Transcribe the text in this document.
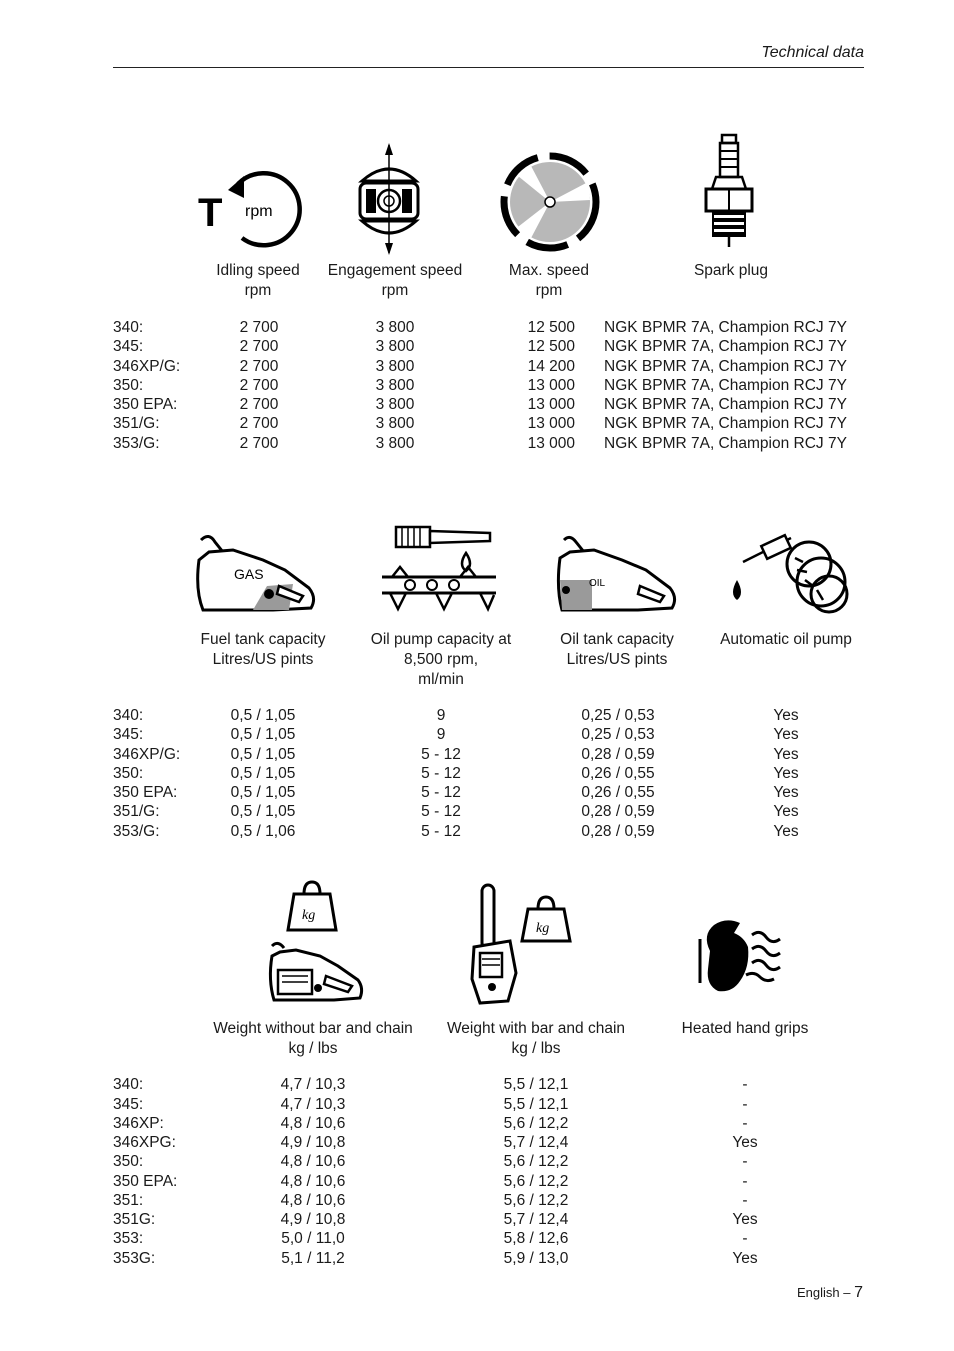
Technical data
T rpm
Idling speed
rpm
Engagement speed
rpm
Max. speed
rpm
Spark plug
340:	2 700	3 800	12 500 NGK BPMR 7A, Champion RCJ 7Y
345:	2 700	3 800	12 500 NGK BPMR 7A, Champion RCJ 7Y
346XP/G:	2 700	3 800	14 200 NGK BPMR 7A, Champion RCJ 7Y
350:	2 700	3 800	13 000 NGK BPMR 7A, Champion RCJ 7Y
350 EPA:	2 700	3 800	13 000 NGK BPMR 7A, Champion RCJ 7Y
351/G:	2 700	3 800	13 000 NGK BPMR 7A, Champion RCJ 7Y
353/G:	2 700	3 800	13 000 NGK BPMR 7A, Champion RCJ 7Y
GAS
OIL
Fuel tank capacity
Litres/US pints
Oil pump capacity at
8,500 rpm,
ml/min
Oil tank capacity
Litres/US pints
Automatic oil pump
340:	0,5 / 1,05	9	0,25 / 0,53	Yes
345:	0,5 / 1,05	9	0,25 / 0,53	Yes
346XP/G:	0,5 / 1,05	5 - 12	0,28 / 0,59	Yes
350:	0,5 / 1,05	5 - 12	0,26 / 0,55	Yes
350 EPA:	0,5 / 1,05	5 - 12	0,26 / 0,55	Yes
351/G:	0,5 / 1,05	5 - 12	0,28 / 0,59	Yes
353/G:	0,5 / 1,06	5 - 12	0,28 / 0,59	Yes
kg
kg
Weight without bar and chain
kg / lbs
Weight with bar and chain
kg / lbs
Heated hand grips
340:	4,7 / 10,3	5,5 / 12,1	-
345:	4,7 / 10,3	5,5 / 12,1	-
346XP:	4,8 / 10,6	5,6 / 12,2	-
346XPG:	4,9 / 10,8	5,7 / 12,4	Yes
350:	4,8 / 10,6	5,6 / 12,2	-
350 EPA:	4,8 / 10,6	5,6 / 12,2	-
351:	4,8 / 10,6	5,6 / 12,2	-
351G:	4,9 / 10,8	5,7 / 12,4	Yes
353:	5,0 / 11,0	5,8 / 12,6	-
353G:	5,1 / 11,2	5,9 / 13,0	Yes
English – 7
